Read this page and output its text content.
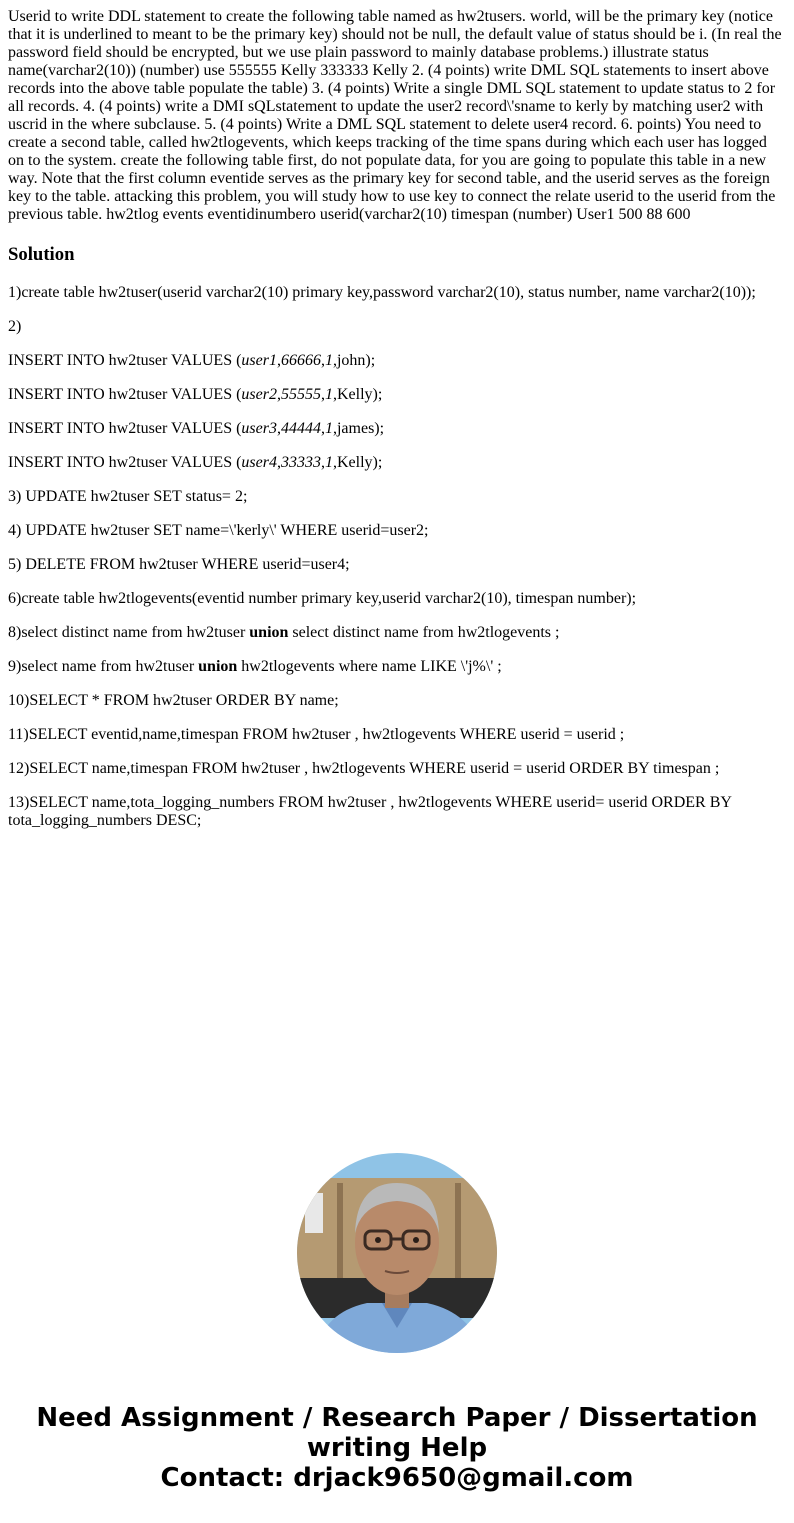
Userid to write DDL statement to create the following table named as hw2tusers. world, will be the primary key (notice that it is underlined to meant to be the primary key) should not be null, the default value of status should be i. (In real the password field should be encrypted, but we use plain password to mainly database problems.) illustrate status name(varchar2(10)) (number) use 555555 Kelly 333333 Kelly 2. (4 points) write DML SQL statements to insert above records into the above table populate the table) 3. (4 points) Write a single DML SQL statement to update status to 2 for all records. 4. (4 points) write a DMI sQLstatement to update the user2 record\'sname to kerly by matching user2 with uscrid in the where subclause. 5. (4 points) Write a DML SQL statement to delete user4 record. 6. points) You need to create a second table, called hw2tlogevents, which keeps tracking of the time spans during which each user has logged on to the system. create the following table first, do not populate data, for you are going to populate this table in a new way. Note that the first column eventide serves as the primary key for second table, and the userid serves as the foreign key to the table. attacking this problem, you will study how to use key to connect the relate userid to the userid from the previous table. hw2tlog events eventidinumbero userid(varchar2(10) timespan (number) User1 500 88 600

Solution

1)create table hw2tuser(userid varchar2(10) primary key,password varchar2(10), status number, name varchar2(10));

2)

INSERT INTO hw2tuser VALUES (user1,66666,1,john);

INSERT INTO hw2tuser VALUES (user2,55555,1,Kelly);

INSERT INTO hw2tuser VALUES (user3,44444,1,james);

INSERT INTO hw2tuser VALUES (user4,33333,1,Kelly);

3) UPDATE hw2tuser SET status= 2;

4) UPDATE hw2tuser SET name=\'kerly\' WHERE userid=user2;

5) DELETE FROM hw2tuser WHERE userid=user4;

6)create table hw2tlogevents(eventid number primary key,userid varchar2(10), timespan number);

8)select distinct name from hw2tuser union select distinct name from hw2tlogevents ;

9)select name from hw2tuser union hw2tlogevents where name LIKE \'j%\' ;

10)SELECT * FROM hw2tuser ORDER BY name;

11)SELECT eventid,name,timespan FROM hw2tuser , hw2tlogevents WHERE userid = userid ;

12)SELECT name,timespan FROM hw2tuser , hw2tlogevents WHERE userid = userid ORDER BY timespan ;

13)SELECT name,tota_logging_numbers FROM hw2tuser , hw2tlogevents WHERE userid= userid ORDER BY tota_logging_numbers DESC;

Need Assignment / Research Paper / Dissertation
writing Help
Contact: drjack9650@gmail.com
